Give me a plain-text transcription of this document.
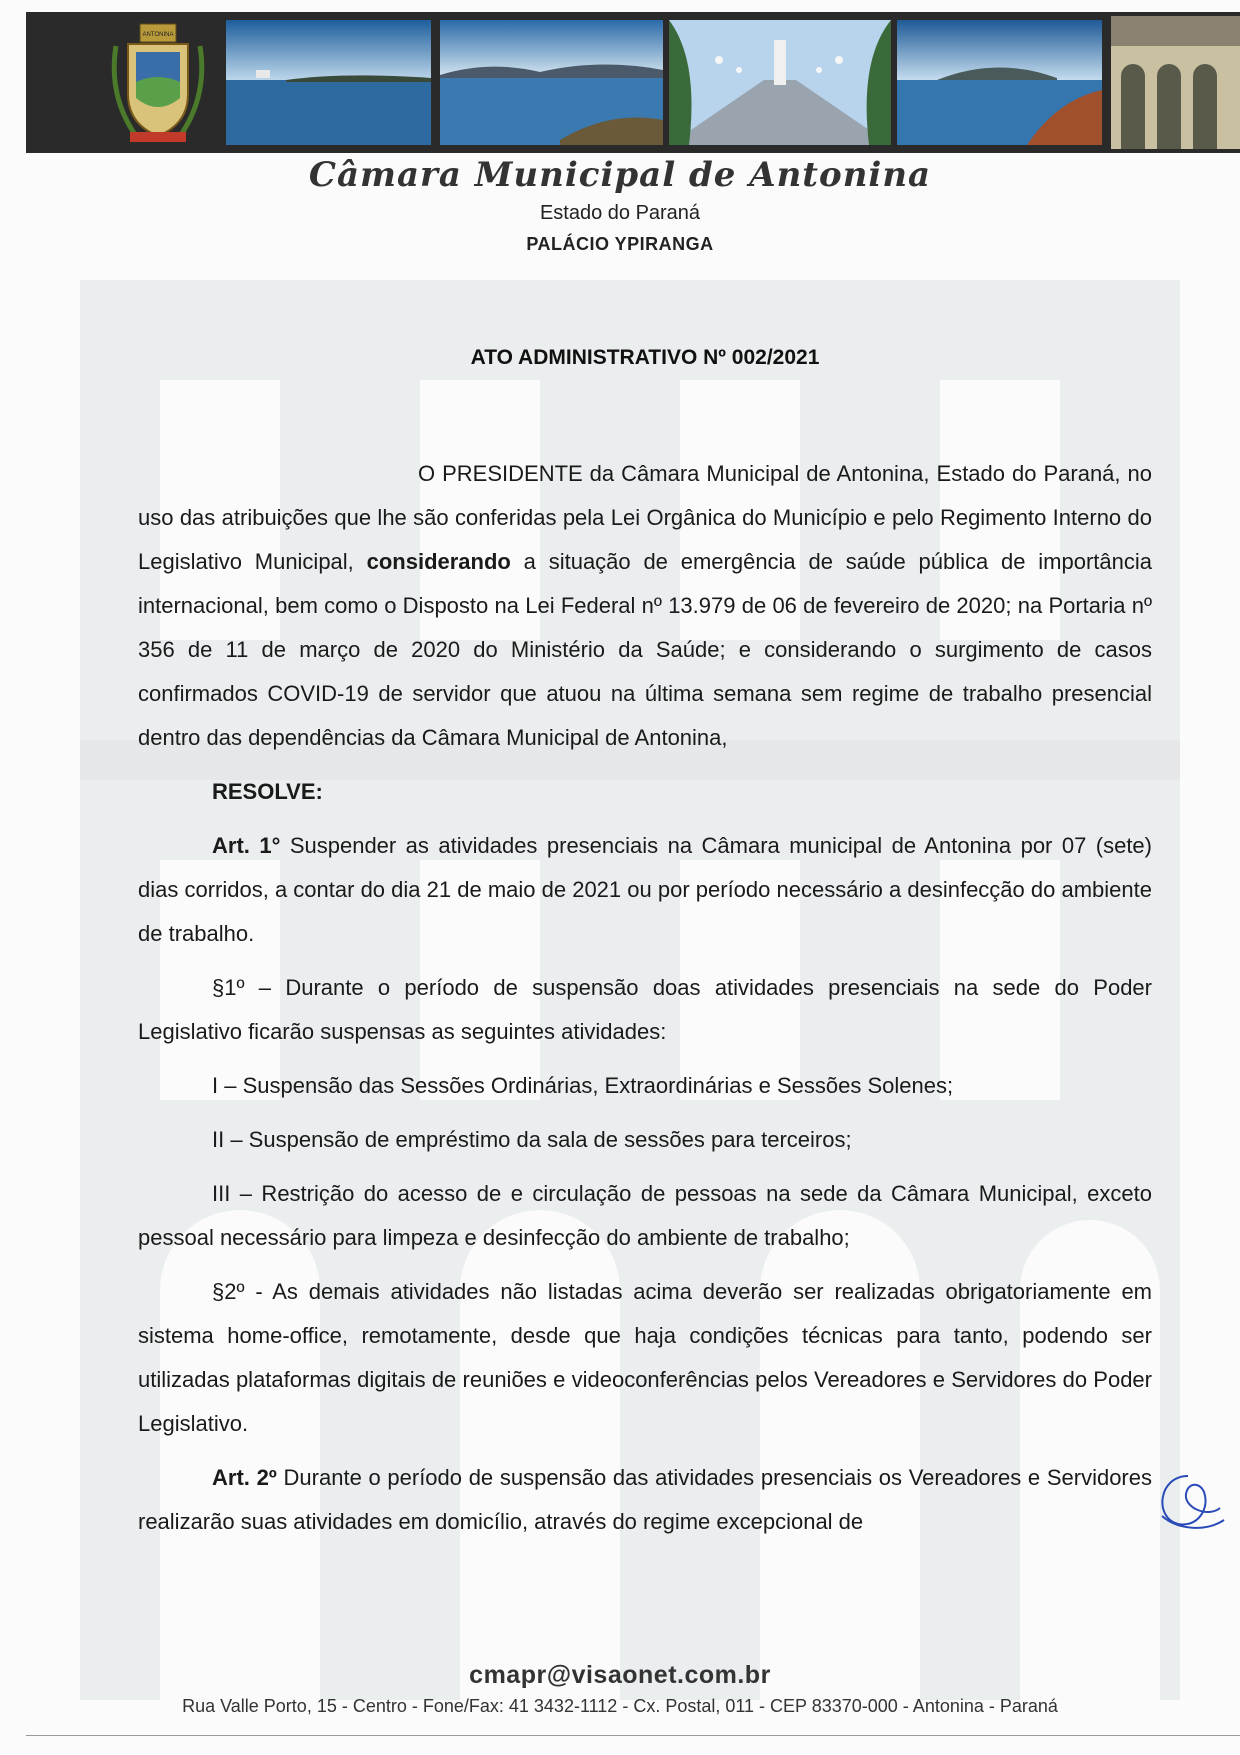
ANTONINA
Câmara Municipal de Antonina
Estado do Paraná
PALÁCIO YPIRANGA
ATO ADMINISTRATIVO Nº 002/2021

O PRESIDENTE da Câmara Municipal de Antonina, Estado do Paraná, no uso das atribuições que lhe são conferidas pela Lei Orgânica do Município e pelo Regimento Interno do Legislativo Municipal, considerando a situação de emergência de saúde pública de importância internacional, bem como o Disposto na Lei Federal nº 13.979 de 06 de fevereiro de 2020; na Portaria nº 356 de 11 de março de 2020 do Ministério da Saúde; e considerando o surgimento de casos confirmados COVID-19 de servidor que atuou na última semana sem regime de trabalho presencial dentro das dependências da Câmara Municipal de Antonina,

RESOLVE:

Art. 1° Suspender as atividades presenciais na Câmara municipal de Antonina por 07 (sete) dias corridos, a contar do dia 21 de maio de 2021 ou por período necessário a desinfecção do ambiente de trabalho.

§1º – Durante o período de suspensão doas atividades presenciais na sede do Poder Legislativo ficarão suspensas as seguintes atividades:

I – Suspensão das Sessões Ordinárias, Extraordinárias e Sessões Solenes;

II – Suspensão de empréstimo da sala de sessões para terceiros;

III – Restrição do acesso de e circulação de pessoas na sede da Câmara Municipal, exceto pessoal necessário para limpeza e desinfecção do ambiente de trabalho;

§2º - As demais atividades não listadas acima deverão ser realizadas obrigatoriamente em sistema home-office, remotamente, desde que haja condições técnicas para tanto, podendo ser utilizadas plataformas digitais de reuniões e videoconferências pelos Vereadores e Servidores do Poder Legislativo.

Art. 2º Durante o período de suspensão das atividades presenciais os Vereadores e Servidores realizarão suas atividades em domicílio, através do regime excepcional de

cmapr@visaonet.com.br
Rua Valle Porto, 15 - Centro - Fone/Fax: 41 3432-1112 - Cx. Postal, 011 - CEP 83370-000 - Antonina - Paraná
